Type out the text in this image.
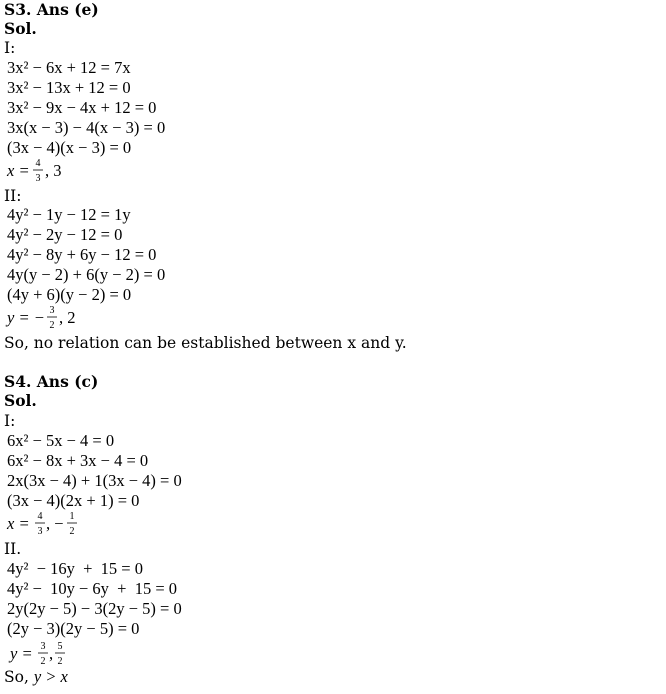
S3. Ans (e)
Sol.
I:
3x² − 6x + 12 = 7x
3x² − 13x + 12 = 0
3x² − 9x − 4x + 12 = 0
3x(x − 3) − 4(x − 3) = 0
(3x − 4)(x − 3) = 0
x = 4
3 , 3
II:
4y² − 1y − 12 = 1y
4y² − 2y − 12 = 0
4y² − 8y + 6y − 12 = 0
4y(y − 2) + 6(y − 2) = 0
(4y + 6)(y − 2) = 0
y = − 3
2 , 2
So, no relation can be established between x and y.
S4. Ans (c)
Sol.
I:
6x² − 5x − 4 = 0
6x² − 8x + 3x − 4 = 0
2x(3x − 4) + 1(3x − 4) = 0
(3x − 4)(2x + 1) = 0
x = 4
3 , − 1
2
II.
4y²  − 16y  +  15 = 0
4y² −  10y − 6y  +  15 = 0
2y(2y − 5) − 3(2y − 5) = 0
(2y − 3)(2y − 5) = 0
y = 3
2 , 5
2
So, y > x
